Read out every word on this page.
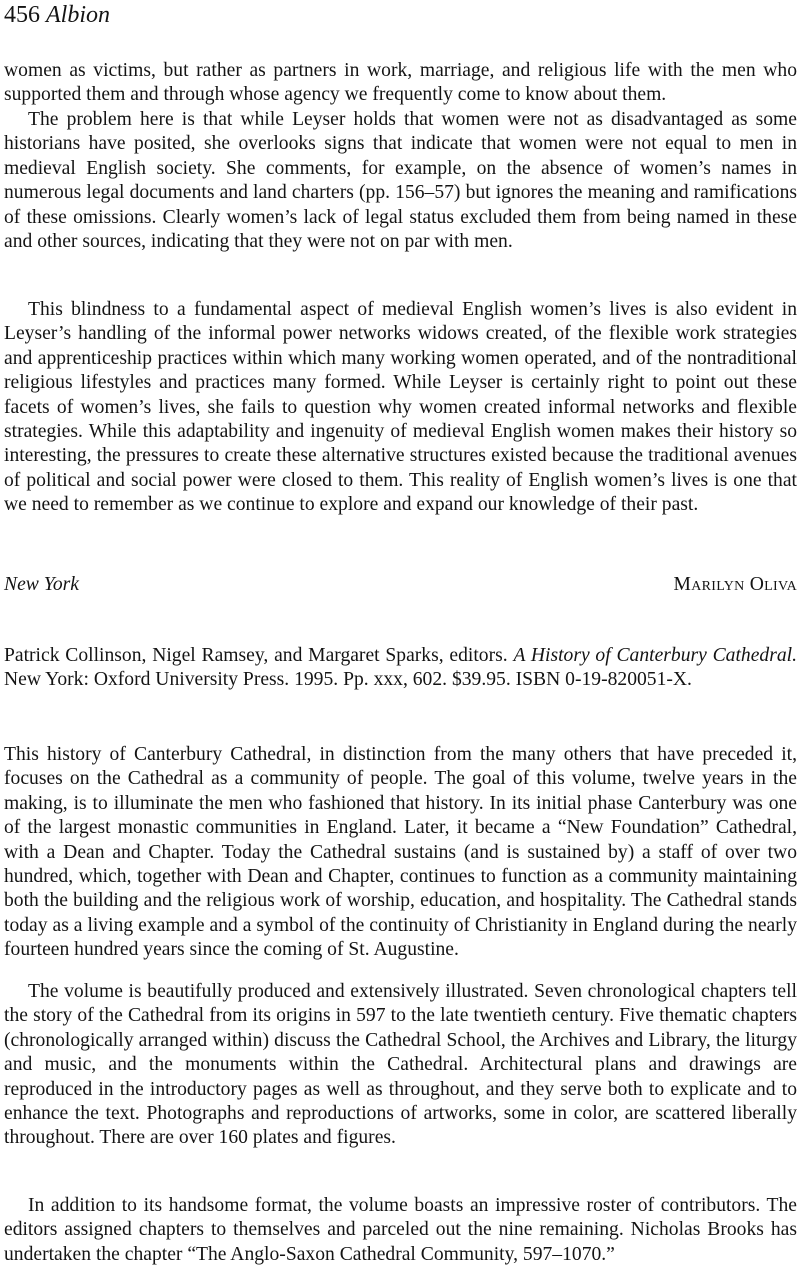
456 Albion

women as victims, but rather as partners in work, marriage, and religious life with the men who supported them and through whose agency we frequently come to know about them.

The problem here is that while Leyser holds that women were not as disadvantaged as some historians have posited, she overlooks signs that indicate that women were not equal to men in medieval English society. She comments, for example, on the absence of women’s names in numerous legal documents and land charters (pp. 156–57) but ignores the meaning and ramifications of these omissions. Clearly women’s lack of legal status excluded them from being named in these and other sources, indicating that they were not on par with men.

This blindness to a fundamental aspect of medieval English women’s lives is also evident in Leyser’s handling of the informal power networks widows created, of the flexible work strategies and apprenticeship practices within which many working women operated, and of the nontraditional religious lifestyles and practices many formed. While Leyser is certainly right to point out these facets of women’s lives, she fails to question why women created informal networks and flexible strategies. While this adaptability and ingenuity of medieval English women makes their history so interesting, the pressures to create these alternative structures existed because the traditional avenues of political and social power were closed to them. This reality of English women’s lives is one that we need to remember as we continue to explore and expand our knowledge of their past.

New York	Marilyn Oliva

Patrick Collinson, Nigel Ramsey, and Margaret Sparks, editors. A History of Canterbury Cathedral. New York: Oxford University Press. 1995. Pp. xxx, 602. $39.95. ISBN 0-19-820051-X.

This history of Canterbury Cathedral, in distinction from the many others that have preceded it, focuses on the Cathedral as a community of people. The goal of this volume, twelve years in the making, is to illuminate the men who fashioned that history. In its initial phase Canterbury was one of the largest monastic communities in England. Later, it became a “New Foundation” Cathedral, with a Dean and Chapter. Today the Cathedral sustains (and is sustained by) a staff of over two hundred, which, together with Dean and Chapter, continues to function as a community maintaining both the building and the religious work of worship, education, and hospitality. The Cathedral stands today as a living example and a symbol of the continuity of Christianity in England during the nearly fourteen hundred years since the coming of St. Augustine.

The volume is beautifully produced and extensively illustrated. Seven chronological chapters tell the story of the Cathedral from its origins in 597 to the late twentieth century. Five thematic chapters (chronologically arranged within) discuss the Cathedral School, the Archives and Library, the liturgy and music, and the monuments within the Cathedral. Architectural plans and drawings are reproduced in the introductory pages as well as throughout, and they serve both to explicate and to enhance the text. Photographs and reproductions of artworks, some in color, are scattered liberally throughout. There are over 160 plates and figures.

In addition to its handsome format, the volume boasts an impressive roster of contributors. The editors assigned chapters to themselves and parceled out the nine remaining. Nicholas Brooks has undertaken the chapter “The Anglo-Saxon Cathedral Community, 597–1070.”
